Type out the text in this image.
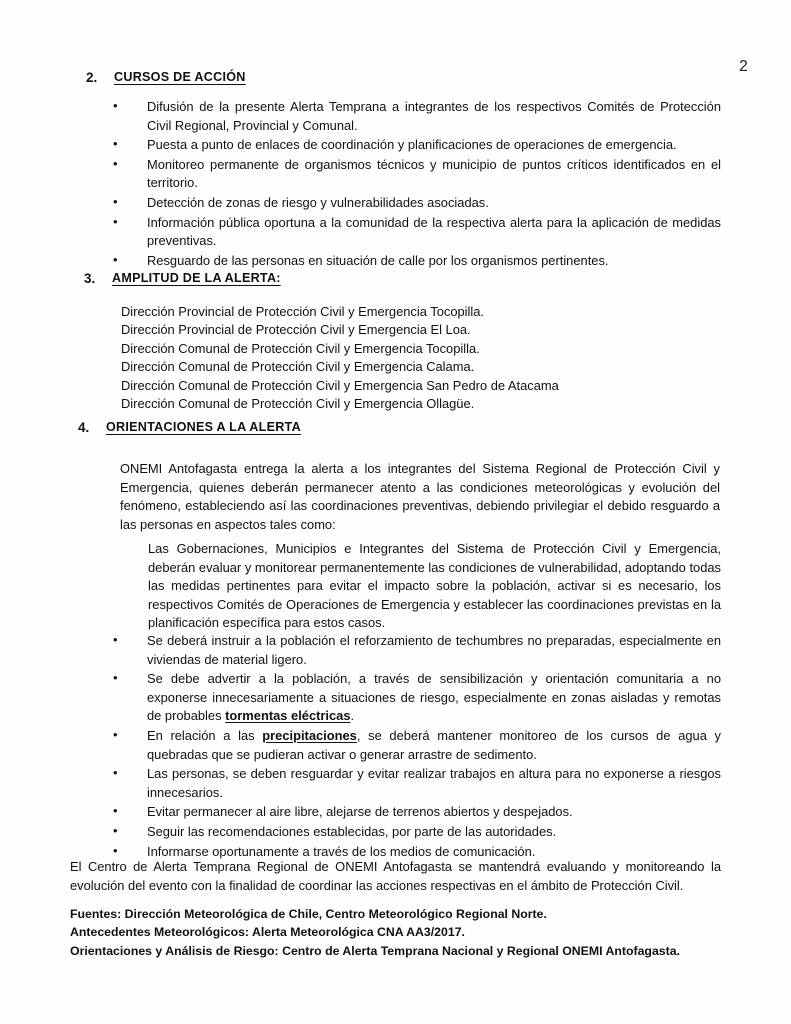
2
2. CURSOS DE ACCIÓN
• Difusión de la presente Alerta Temprana a integrantes de los respectivos Comités de Protección Civil Regional, Provincial y Comunal.
• Puesta a punto de enlaces de coordinación y planificaciones de operaciones de emergencia.
• Monitoreo permanente de organismos técnicos y municipio de puntos críticos identificados en el territorio.
• Detección de zonas de riesgo y vulnerabilidades asociadas.
• Información pública oportuna a la comunidad de la respectiva alerta para la aplicación de medidas preventivas.
• Resguardo de las personas en situación de calle por los organismos pertinentes.
3. AMPLITUD DE LA ALERTA:
Dirección Provincial de Protección Civil y Emergencia Tocopilla.
Dirección Provincial de Protección Civil y Emergencia El Loa.
Dirección Comunal de Protección Civil y Emergencia Tocopilla.
Dirección Comunal de Protección Civil y Emergencia Calama.
Dirección Comunal de Protección Civil y Emergencia San Pedro de Atacama
Dirección Comunal de Protección Civil y Emergencia Ollagüe.
4. ORIENTACIONES A LA ALERTA
ONEMI Antofagasta entrega la alerta a los integrantes del Sistema Regional de Protección Civil y Emergencia, quienes deberán permanecer atento a las condiciones meteorológicas y evolución del fenómeno, estableciendo así las coordinaciones preventivas, debiendo privilegiar el debido resguardo a las personas en aspectos tales como:
Las Gobernaciones, Municipios e Integrantes del Sistema de Protección Civil y Emergencia, deberán evaluar y monitorear permanentemente las condiciones de vulnerabilidad, adoptando todas las medidas pertinentes para evitar el impacto sobre la población, activar si es necesario, los respectivos Comités de Operaciones de Emergencia y establecer las coordinaciones previstas en la planificación específica para estos casos.
• Se deberá instruir a la población el reforzamiento de techumbres no preparadas, especialmente en viviendas de material ligero.
• Se debe advertir a la población, a través de sensibilización y orientación comunitaria a no exponerse innecesariamente a situaciones de riesgo, especialmente en zonas aisladas y remotas de probables tormentas eléctricas.
• En relación a las precipitaciones, se deberá mantener monitoreo de los cursos de agua y quebradas que se pudieran activar o generar arrastre de sedimento.
• Las personas, se deben resguardar y evitar realizar trabajos en altura para no exponerse a riesgos innecesarios.
• Evitar permanecer al aire libre, alejarse de terrenos abiertos y despejados.
• Seguir las recomendaciones establecidas, por parte de las autoridades.
• Informarse oportunamente a través de los medios de comunicación.
El Centro de Alerta Temprana Regional de ONEMI Antofagasta se mantendrá evaluando y monitoreando la evolución del evento con la finalidad de coordinar las acciones respectivas en el ámbito de Protección Civil.
Fuentes: Dirección Meteorológica de Chile, Centro Meteorológico Regional Norte.
Antecedentes Meteorológicos: Alerta Meteorológica CNA AA3/2017.
Orientaciones y Análisis de Riesgo: Centro de Alerta Temprana Nacional y Regional ONEMI Antofagasta.
